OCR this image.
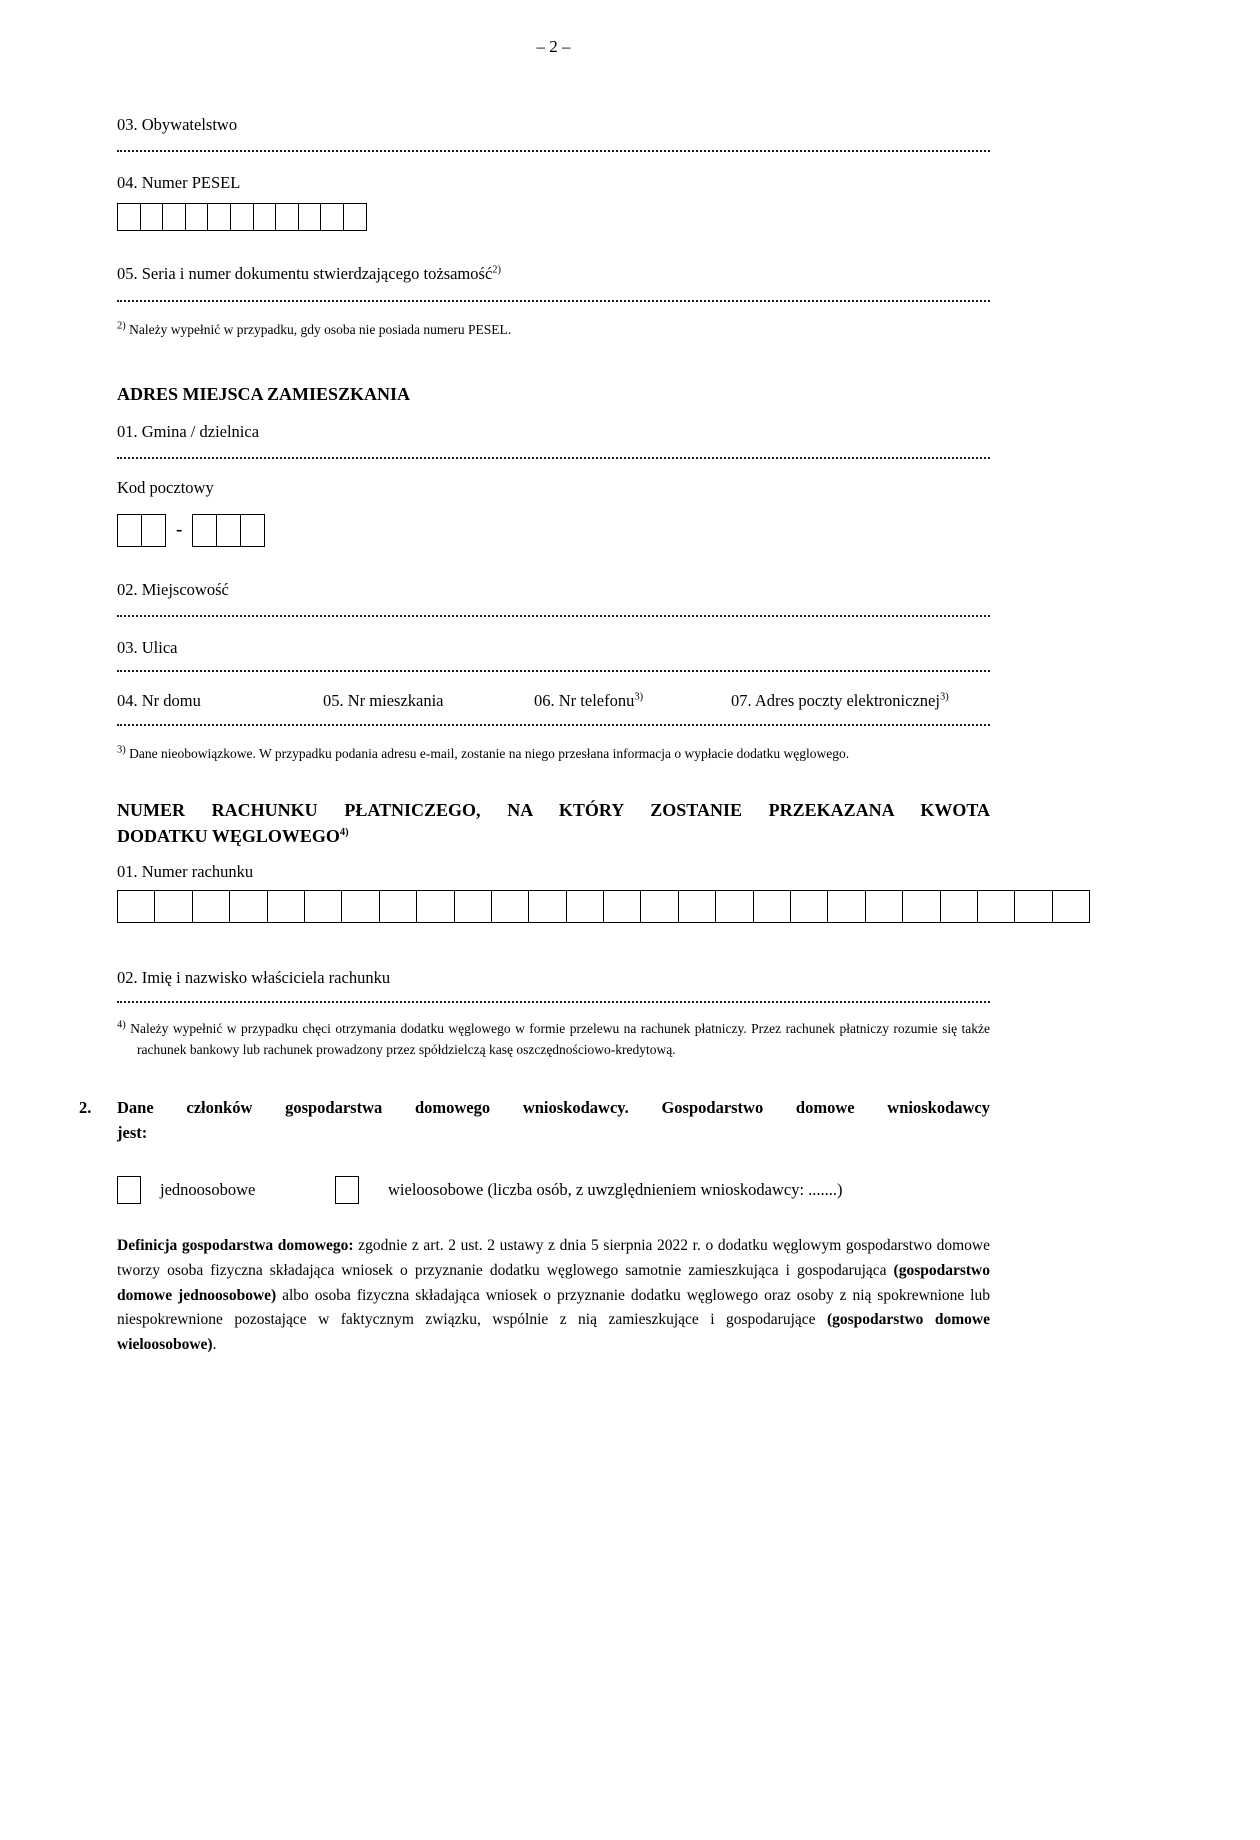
– 2 –
03. Obywatelstwo
04. Numer PESEL
05. Seria i numer dokumentu stwierdzającego tożsamość$^{2)}$
$^{2)}$ Należy wypełnić w przypadku, gdy osoba nie posiada numeru PESEL.
ADRES MIEJSCA ZAMIESZKANIA
01. Gmina / dzielnica
Kod pocztowy
-
02. Miejscowość
03. Ulica
04. Nr domu	05. Nr mieszkania	06. Nr telefonu$^{3)}$	07. Adres poczty elektronicznej$^{3)}$
$^{3)}$ Dane nieobowiązkowe. W przypadku podania adresu e-mail, zostanie na niego przesłana informacja o wypłacie dodatku węglowego.
NUMER RACHUNKU PŁATNICZEGO, NA KTÓRY ZOSTANIE PRZEKAZANA KWOTA
DODATKU WĘGLOWEGO$^{4)}$
01. Numer rachunku
02. Imię i nazwisko właściciela rachunku
$^{4)}$ Należy wypełnić w przypadku chęci otrzymania dodatku węglowego w formie przelewu na rachunek płatniczy. Przez rachunek płatniczy rozumie się także rachunek bankowy lub rachunek prowadzony przez spółdzielczą kasę oszczędnościowo-kredytową.
2.	Dane członków gospodarstwa domowego wnioskodawcy. Gospodarstwo domowe wnioskodawcy
jest:
jednoosobowe	wieloosobowe (liczba osób, z uwzględnieniem wnioskodawcy: .......)

Definicja gospodarstwa domowego: zgodnie z art. 2 ust. 2 ustawy z dnia 5 sierpnia 2022 r. o dodatku węglowym gospodarstwo domowe tworzy osoba fizyczna składająca wniosek o przyznanie dodatku węglowego samotnie zamieszkująca i gospodarująca (gospodarstwo domowe jednoosobowe) albo osoba fizyczna składająca wniosek o przyznanie dodatku węglowego oraz osoby z nią spokrewnione lub niespokrewnione pozostające w faktycznym związku, wspólnie z nią zamieszkujące i gospodarujące (gospodarstwo domowe wieloosobowe).
